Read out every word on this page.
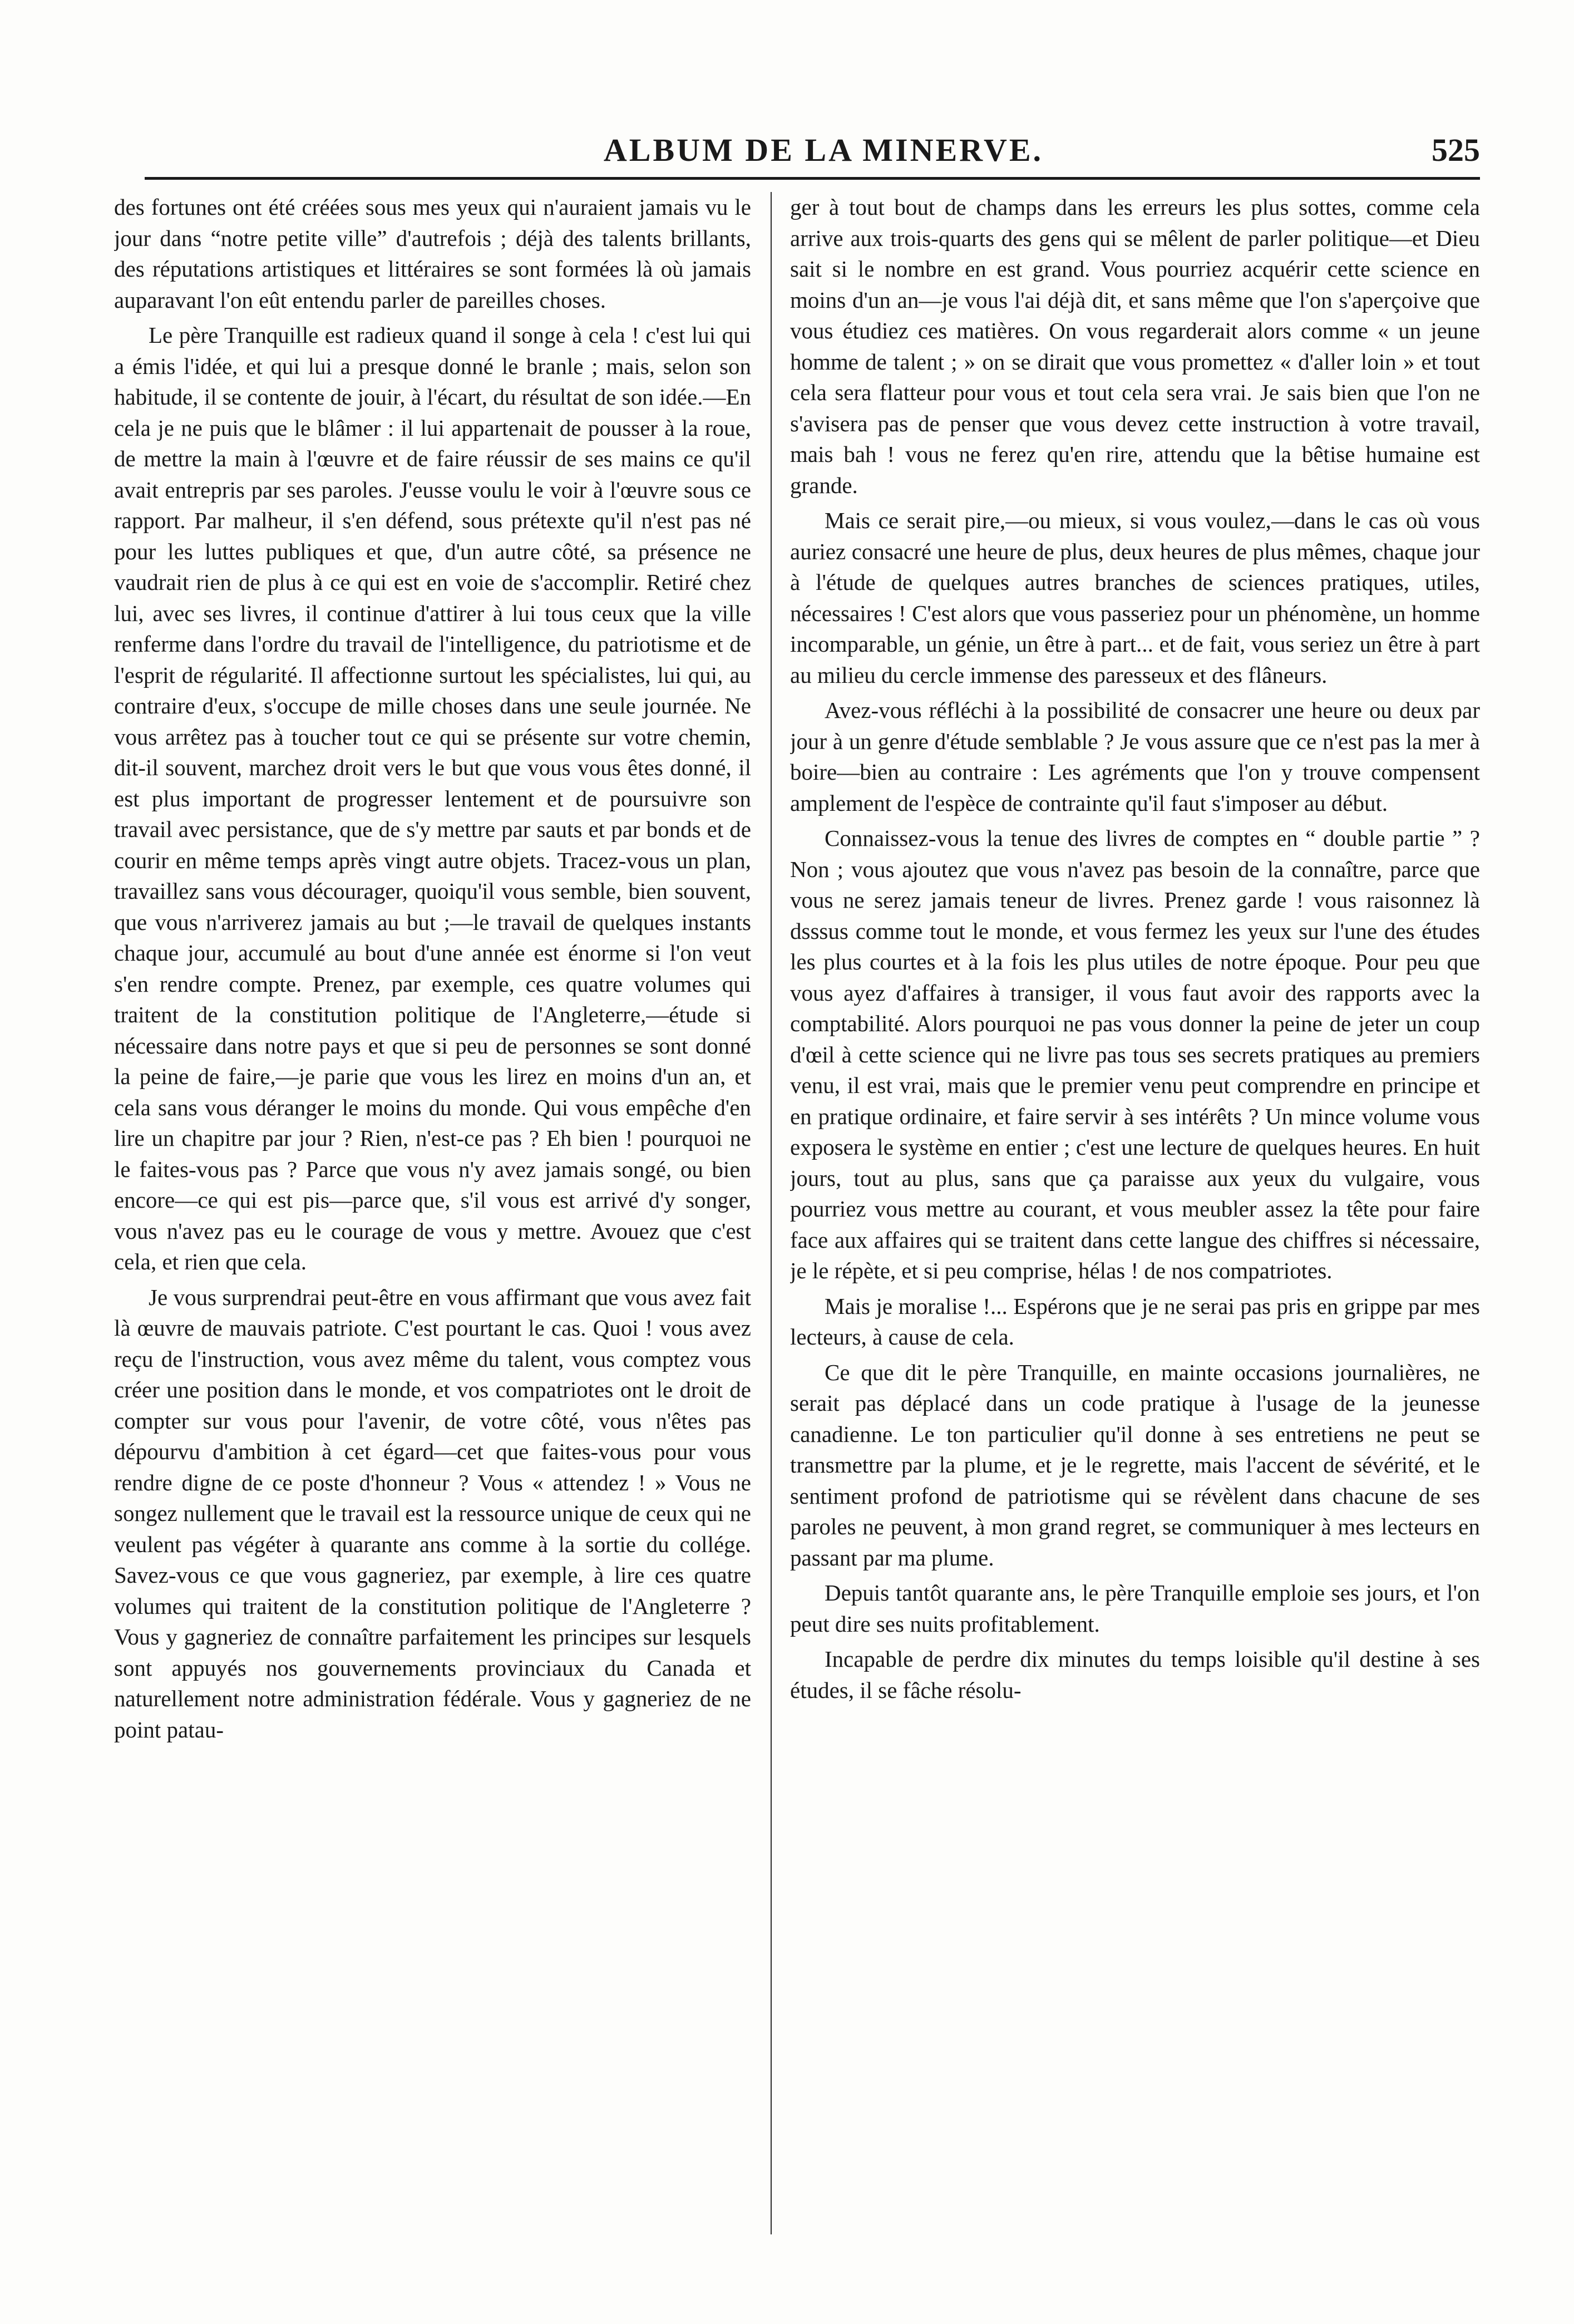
ALBUM DE LA MINERVE.	525

des fortunes ont été créées sous mes yeux qui n'auraient jamais vu le jour dans “notre petite ville” d'autrefois ; déjà des talents brillants, des réputations artistiques et littéraires se sont formées là où jamais auparavant l'on eût entendu parler de pareilles choses.

Le père Tranquille est radieux quand il songe à cela ! c'est lui qui a émis l'idée, et qui lui a presque donné le branle ; mais, selon son habitude, il se contente de jouir, à l'écart, du résultat de son idée.—En cela je ne puis que le blâmer : il lui appartenait de pousser à la roue, de mettre la main à l'œuvre et de faire réussir de ses mains ce qu'il avait entrepris par ses paroles. J'eusse voulu le voir à l'œuvre sous ce rapport. Par malheur, il s'en défend, sous prétexte qu'il n'est pas né pour les luttes publiques et que, d'un autre côté, sa présence ne vaudrait rien de plus à ce qui est en voie de s'accomplir. Retiré chez lui, avec ses livres, il continue d'attirer à lui tous ceux que la ville renferme dans l'ordre du travail de l'intelligence, du patriotisme et de l'esprit de régularité. Il affectionne surtout les spécialistes, lui qui, au contraire d'eux, s'occupe de mille choses dans une seule journée. Ne vous arrêtez pas à toucher tout ce qui se présente sur votre chemin, dit-il souvent, marchez droit vers le but que vous vous êtes donné, il est plus important de progresser lentement et de poursuivre son travail avec persistance, que de s'y mettre par sauts et par bonds et de courir en même temps après vingt autre objets. Tracez-vous un plan, travaillez sans vous décourager, quoiqu'il vous semble, bien souvent, que vous n'arriverez jamais au but ;—le travail de quelques instants chaque jour, accumulé au bout d'une année est énorme si l'on veut s'en rendre compte. Prenez, par exemple, ces quatre volumes qui traitent de la constitution politique de l'Angleterre,—étude si nécessaire dans notre pays et que si peu de personnes se sont donné la peine de faire,—je parie que vous les lirez en moins d'un an, et cela sans vous déranger le moins du monde. Qui vous empêche d'en lire un chapitre par jour ? Rien, n'est-ce pas ? Eh bien ! pourquoi ne le faites-vous pas ? Parce que vous n'y avez jamais songé, ou bien encore—ce qui est pis—parce que, s'il vous est arrivé d'y songer, vous n'avez pas eu le courage de vous y mettre. Avouez que c'est cela, et rien que cela.

Je vous surprendrai peut-être en vous affirmant que vous avez fait là œuvre de mauvais patriote. C'est pourtant le cas. Quoi ! vous avez reçu de l'instruction, vous avez même du talent, vous comptez vous créer une position dans le monde, et vos compatriotes ont le droit de compter sur vous pour l'avenir, de votre côté, vous n'êtes pas dépourvu d'ambition à cet égard—cet que faites-vous pour vous rendre digne de ce poste d'honneur ? Vous « attendez ! » Vous ne songez nullement que le travail est la ressource unique de ceux qui ne veulent pas végéter à quarante ans comme à la sortie du collége. Savez-vous ce que vous gagneriez, par exemple, à lire ces quatre volumes qui traitent de la constitution politique de l'Angleterre ? Vous y gagneriez de connaître parfaitement les principes sur lesquels sont appuyés nos gouvernements provinciaux du Canada et naturellement notre administration fédérale. Vous y gagneriez de ne point patau-

ger à tout bout de champs dans les erreurs les plus sottes, comme cela arrive aux trois-quarts des gens qui se mêlent de parler politique—et Dieu sait si le nombre en est grand. Vous pourriez acquérir cette science en moins d'un an—je vous l'ai déjà dit, et sans même que l'on s'aperçoive que vous étudiez ces matières. On vous regarderait alors comme « un jeune homme de talent ; » on se dirait que vous promettez « d'aller loin » et tout cela sera flatteur pour vous et tout cela sera vrai. Je sais bien que l'on ne s'avisera pas de penser que vous devez cette instruction à votre travail, mais bah ! vous ne ferez qu'en rire, attendu que la bêtise humaine est grande.

Mais ce serait pire,—ou mieux, si vous voulez,—dans le cas où vous auriez consacré une heure de plus, deux heures de plus mêmes, chaque jour à l'étude de quelques autres branches de sciences pratiques, utiles, nécessaires ! C'est alors que vous passeriez pour un phénomène, un homme incomparable, un génie, un être à part... et de fait, vous seriez un être à part au milieu du cercle immense des paresseux et des flâneurs.

Avez-vous réfléchi à la possibilité de consacrer une heure ou deux par jour à un genre d'étude semblable ? Je vous assure que ce n'est pas la mer à boire—bien au contraire : Les agréments que l'on y trouve compensent amplement de l'espèce de contrainte qu'il faut s'imposer au début.

Connaissez-vous la tenue des livres de comptes en “ double partie ” ? Non ; vous ajoutez que vous n'avez pas besoin de la connaître, parce que vous ne serez jamais teneur de livres. Prenez garde ! vous raisonnez là dsssus comme tout le monde, et vous fermez les yeux sur l'une des études les plus courtes et à la fois les plus utiles de notre époque. Pour peu que vous ayez d'affaires à transiger, il vous faut avoir des rapports avec la comptabilité. Alors pourquoi ne pas vous donner la peine de jeter un coup d'œil à cette science qui ne livre pas tous ses secrets pratiques au premiers venu, il est vrai, mais que le premier venu peut comprendre en principe et en pratique ordinaire, et faire servir à ses intérêts ? Un mince volume vous exposera le système en entier ; c'est une lecture de quelques heures. En huit jours, tout au plus, sans que ça paraisse aux yeux du vulgaire, vous pourriez vous mettre au courant, et vous meubler assez la tête pour faire face aux affaires qui se traitent dans cette langue des chiffres si nécessaire, je le répète, et si peu comprise, hélas ! de nos compatriotes.

Mais je moralise !... Espérons que je ne serai pas pris en grippe par mes lecteurs, à cause de cela.

Ce que dit le père Tranquille, en mainte occasions journalières, ne serait pas déplacé dans un code pratique à l'usage de la jeunesse canadienne. Le ton particulier qu'il donne à ses entretiens ne peut se transmettre par la plume, et je le regrette, mais l'accent de sévérité, et le sentiment profond de patriotisme qui se révèlent dans chacune de ses paroles ne peuvent, à mon grand regret, se communiquer à mes lecteurs en passant par ma plume.

Depuis tantôt quarante ans, le père Tranquille emploie ses jours, et l'on peut dire ses nuits profitablement.

Incapable de perdre dix minutes du temps loisible qu'il destine à ses études, il se fâche résolu-
